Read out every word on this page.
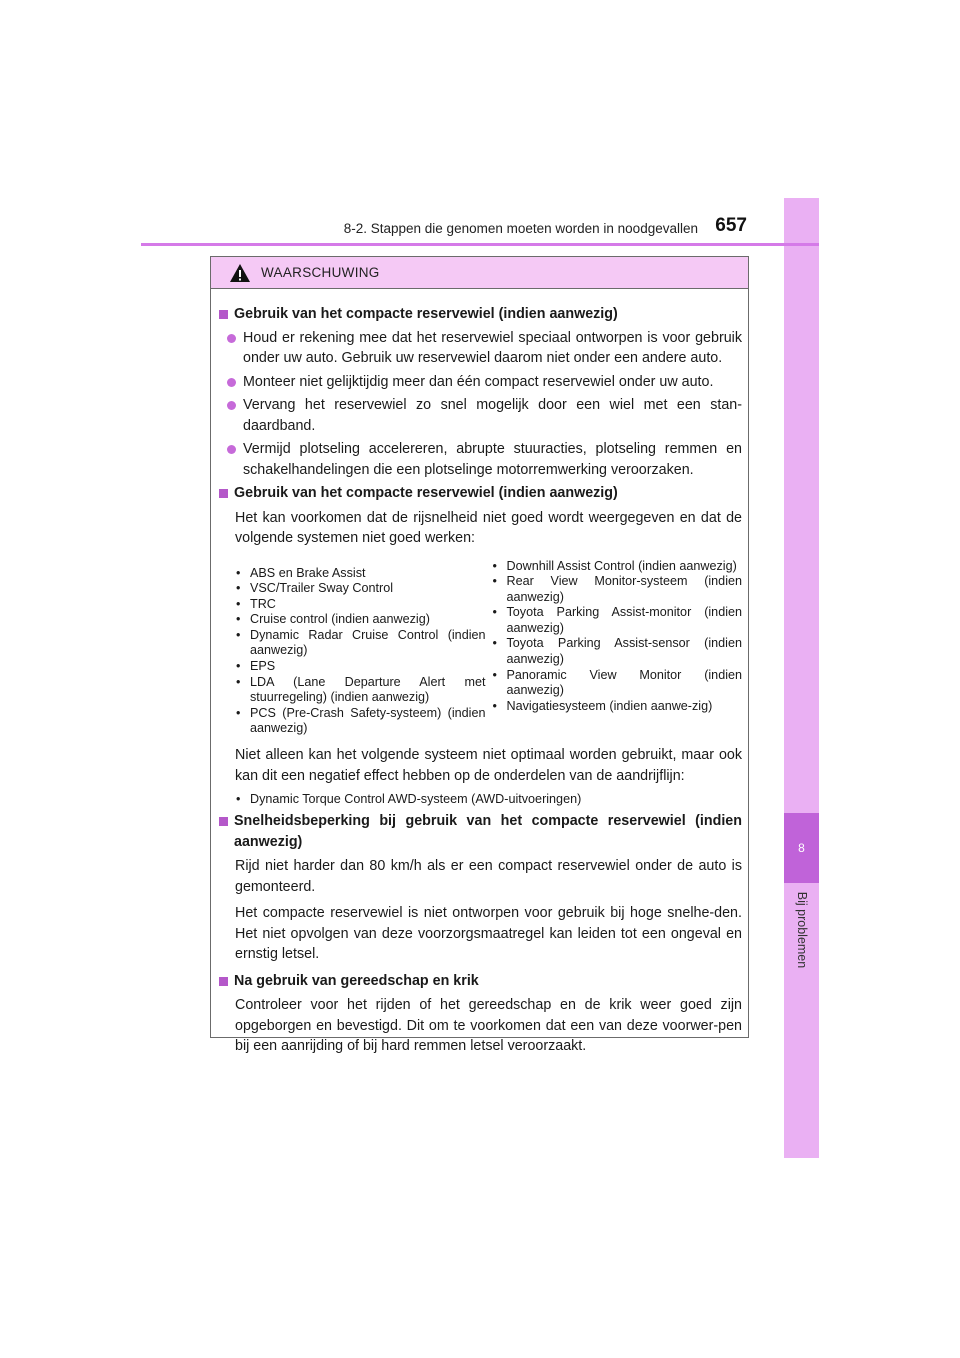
8
Bij problemen
8-2. Stappen die genomen moeten worden in noodgevallen 657
WAARSCHUWING
Gebruik van het compacte reservewiel (indien aanwezig)
Houd er rekening mee dat het reservewiel speciaal ontworpen is voor gebruik onder uw auto. Gebruik uw reservewiel daarom niet onder een andere auto.
Monteer niet gelijktijdig meer dan één compact reservewiel onder uw auto.
Vervang het reservewiel zo snel mogelijk door een wiel met een stan-daardband.
Vermijd plotseling accelereren, abrupte stuuracties, plotseling remmen en schakelhandelingen die een plotselinge motorremwerking veroorzaken.
Gebruik van het compacte reservewiel (indien aanwezig)
Het kan voorkomen dat de rijsnelheid niet goed wordt weergegeven en dat de volgende systemen niet goed werken:
• ABS en Brake Assist
• VSC/Trailer Sway Control
• TRC
• Cruise control (indien aanwezig)
• Dynamic Radar Cruise Control (indien aanwezig)
• EPS
• LDA (Lane Departure Alert met stuurregeling) (indien aanwezig)
• PCS (Pre-Crash Safety-systeem) (indien aanwezig)
• Downhill Assist Control (indien aanwezig)
• Rear View Monitor-systeem (indien aanwezig)
• Toyota Parking Assist-monitor (indien aanwezig)
• Toyota Parking Assist-sensor (indien aanwezig)
• Panoramic View Monitor (indien aanwezig)
• Navigatiesysteem (indien aanwe-zig)
Niet alleen kan het volgende systeem niet optimaal worden gebruikt, maar ook kan dit een negatief effect hebben op de onderdelen van de aandrijflijn:
• Dynamic Torque Control AWD-systeem (AWD-uitvoeringen)
Snelheidsbeperking bij gebruik van het compacte reservewiel (indien aanwezig)
Rijd niet harder dan 80 km/h als er een compact reservewiel onder de auto is gemonteerd.
Het compacte reservewiel is niet ontworpen voor gebruik bij hoge snelhe-den. Het niet opvolgen van deze voorzorgsmaatregel kan leiden tot een ongeval en ernstig letsel.
Na gebruik van gereedschap en krik
Controleer voor het rijden of het gereedschap en de krik weer goed zijn opgeborgen en bevestigd. Dit om te voorkomen dat een van deze voorwer-pen bij een aanrijding of bij hard remmen letsel veroorzaakt.
